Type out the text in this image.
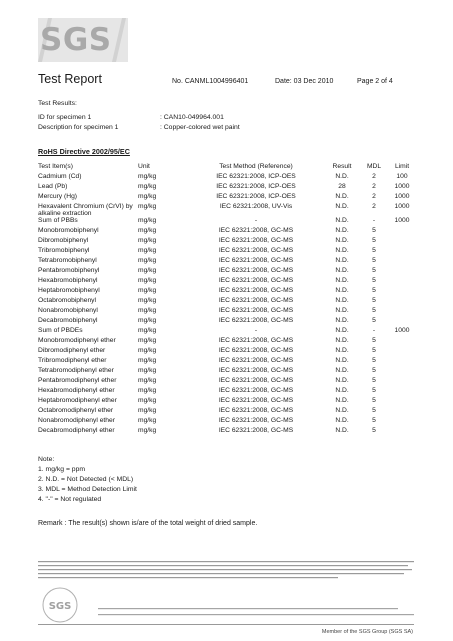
SGS
Test Report	No. CANML1004996401	Date: 03 Dec 2010	Page 2 of 4
Test Results:
ID for specimen 1	: CAN10-049964.001
Description for specimen 1	: Copper-colored wet paint
RoHS Directive 2002/95/EC
Test Item(s)	Unit	Test Method (Reference)	Result	MDL	Limit
Cadmium (Cd)	mg/kg	IEC 62321:2008, ICP-OES	N.D.	2	100
Lead (Pb)	mg/kg	IEC 62321:2008, ICP-OES	28	2	1000
Mercury (Hg)	mg/kg	IEC 62321:2008, ICP-OES	N.D.	2	1000
Hexavalent Chromium (CrVI) by alkaline extraction	mg/kg	IEC 62321:2008, UV-Vis	N.D.	2	1000
Sum of PBBs	mg/kg	-	N.D.	-	1000
Monobromobiphenyl	mg/kg	IEC 62321:2008, GC-MS	N.D.	5	
Dibromobiphenyl	mg/kg	IEC 62321:2008, GC-MS	N.D.	5	
Tribromobiphenyl	mg/kg	IEC 62321:2008, GC-MS	N.D.	5	
Tetrabromobiphenyl	mg/kg	IEC 62321:2008, GC-MS	N.D.	5	
Pentabromobiphenyl	mg/kg	IEC 62321:2008, GC-MS	N.D.	5	
Hexabromobiphenyl	mg/kg	IEC 62321:2008, GC-MS	N.D.	5	
Heptabromobiphenyl	mg/kg	IEC 62321:2008, GC-MS	N.D.	5	
Octabromobiphenyl	mg/kg	IEC 62321:2008, GC-MS	N.D.	5	
Nonabromobiphenyl	mg/kg	IEC 62321:2008, GC-MS	N.D.	5	
Decabromobiphenyl	mg/kg	IEC 62321:2008, GC-MS	N.D.	5	
Sum of PBDEs	mg/kg	-	N.D.	-	1000
Monobromodiphenyl ether	mg/kg	IEC 62321:2008, GC-MS	N.D.	5	
Dibromodiphenyl ether	mg/kg	IEC 62321:2008, GC-MS	N.D.	5	
Tribromodiphenyl ether	mg/kg	IEC 62321:2008, GC-MS	N.D.	5	
Tetrabromodiphenyl ether	mg/kg	IEC 62321:2008, GC-MS	N.D.	5	
Pentabromodiphenyl ether	mg/kg	IEC 62321:2008, GC-MS	N.D.	5	
Hexabromodiphenyl ether	mg/kg	IEC 62321:2008, GC-MS	N.D.	5	
Heptabromodiphenyl ether	mg/kg	IEC 62321:2008, GC-MS	N.D.	5	
Octabromodiphenyl ether	mg/kg	IEC 62321:2008, GC-MS	N.D.	5	
Nonabromodiphenyl ether	mg/kg	IEC 62321:2008, GC-MS	N.D.	5	
Decabromodiphenyl ether	mg/kg	IEC 62321:2008, GC-MS	N.D.	5	
Note:
1. mg/kg = ppm
2. N.D. = Not Detected (< MDL)
3. MDL = Method Detection Limit
4. "-" = Not regulated
Remark : The result(s) shown is/are of the total weight of dried sample.
SGS
Member of the SGS Group (SGS SA)
